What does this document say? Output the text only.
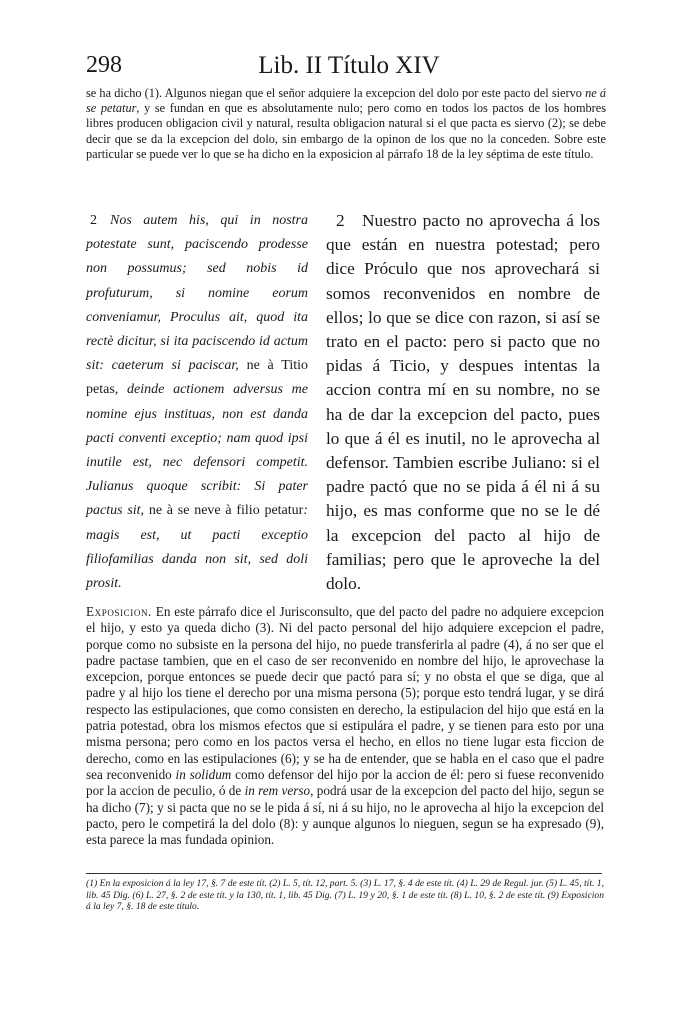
298	Lib. II Título XIV
se ha dicho (1). Algunos niegan que el señor adquiere la excepcion del dolo por este pacto del siervo ne á se petatur, y se fundan en que es absolutamente nulo; pero como en todos los pactos de los hombres libres producen obligacion civil y natural, resulta obligacion natural si el que pacta es siervo (2); se debe decir que se da la excepcion del dolo, sin embargo de la opinon de los que no la conceden. Sobre este particular se puede ver lo que se ha dicho en la exposicion al párrafo 18 de la ley séptima de este título.
2 Nos autem his, qui in nostra potestate sunt, paciscendo prodesse non possumus; sed nobis id profuturum, si nomine eorum conveniamur, Proculus ait, quod ita rectè dicitur, si ita paciscendo id actum sit: caeterum si paciscar, ne à Titio petas, deinde actionem adversus me nomine ejus instituas, non est danda pacti conventi exceptio; nam quod ipsi inutile est, nec defensori competit. Julianus quoque scribit: Si pater pactus sit, ne à se neve à filio petatur: magis est, ut pacti exceptio filiofamilias danda non sit, sed doli prosit.
2 Nuestro pacto no aprovecha á los que están en nuestra potestad; pero dice Próculo que nos aprovechará si somos reconvenidos en nombre de ellos; lo que se dice con razon, si así se trato en el pacto: pero si pacto que no pidas á Ticio, y despues intentas la accion contra mí en su nombre, no se ha de dar la excepcion del pacto, pues lo que á él es inutil, no le aprovecha al defensor. Tambien escribe Juliano: si el padre pactó que no se pida á él ni á su hijo, es mas conforme que no se le dé la excepcion del pacto al hijo de familias; pero que le aproveche la del dolo.
Exposicion. En este párrafo dice el Jurisconsulto, que del pacto del padre no adquiere excepcion el hijo, y esto ya queda dicho (3). Ni del pacto personal del hijo adquiere excepcion el padre, porque como no subsiste en la persona del hijo, no puede transferirla al padre (4), á no ser que el padre pactase tambien, que en el caso de ser reconvenido en nombre del hijo, le aprovechase la excepcion, porque entonces se puede decir que pactó para sí; y no obsta el que se diga, que al padre y al hijo los tiene el derecho por una misma persona (5); porque esto tendrá lugar, y se dirá respecto las estipulaciones, que como consisten en derecho, la estipulacion del hijo que está en la patria potestad, obra los mismos efectos que si estipulára el padre, y se tienen para esto por una misma persona; pero como en los pactos versa el hecho, en ellos no tiene lugar esta ficcion de derecho, como en las estipulaciones (6); y se ha de entender, que se habla en el caso que el padre sea reconvenido in solidum como defensor del hijo por la accion de él: pero si fuese reconvenido por la accion de peculio, ó de in rem verso, podrá usar de la excepcion del pacto del hijo, segun se ha dicho (7); y si pacta que no se le pida á sí, ni á su hijo, no le aprovecha al hijo la excepcion del pacto, pero le competirá la del dolo (8): y aunque algunos lo nieguen, segun se ha expresado (9), esta parece la mas fundada opinion.
(1) En la exposicion á la ley 17, §. 7 de este tít. (2) L. 5, tít. 12, part. 5. (3) L. 17, §. 4 de este tít. (4) L. 29 de Regul. jur. (5) L. 45, tít. 1, lib. 45 Dig. (6) L. 27, §. 2 de este tít. y la 130, tít. 1, lib. 45 Dig. (7) L. 19 y 20, §. 1 de este tít. (8) L. 10, §. 2 de este tít. (9) Exposicion á la ley 7, §. 18 de este título.
